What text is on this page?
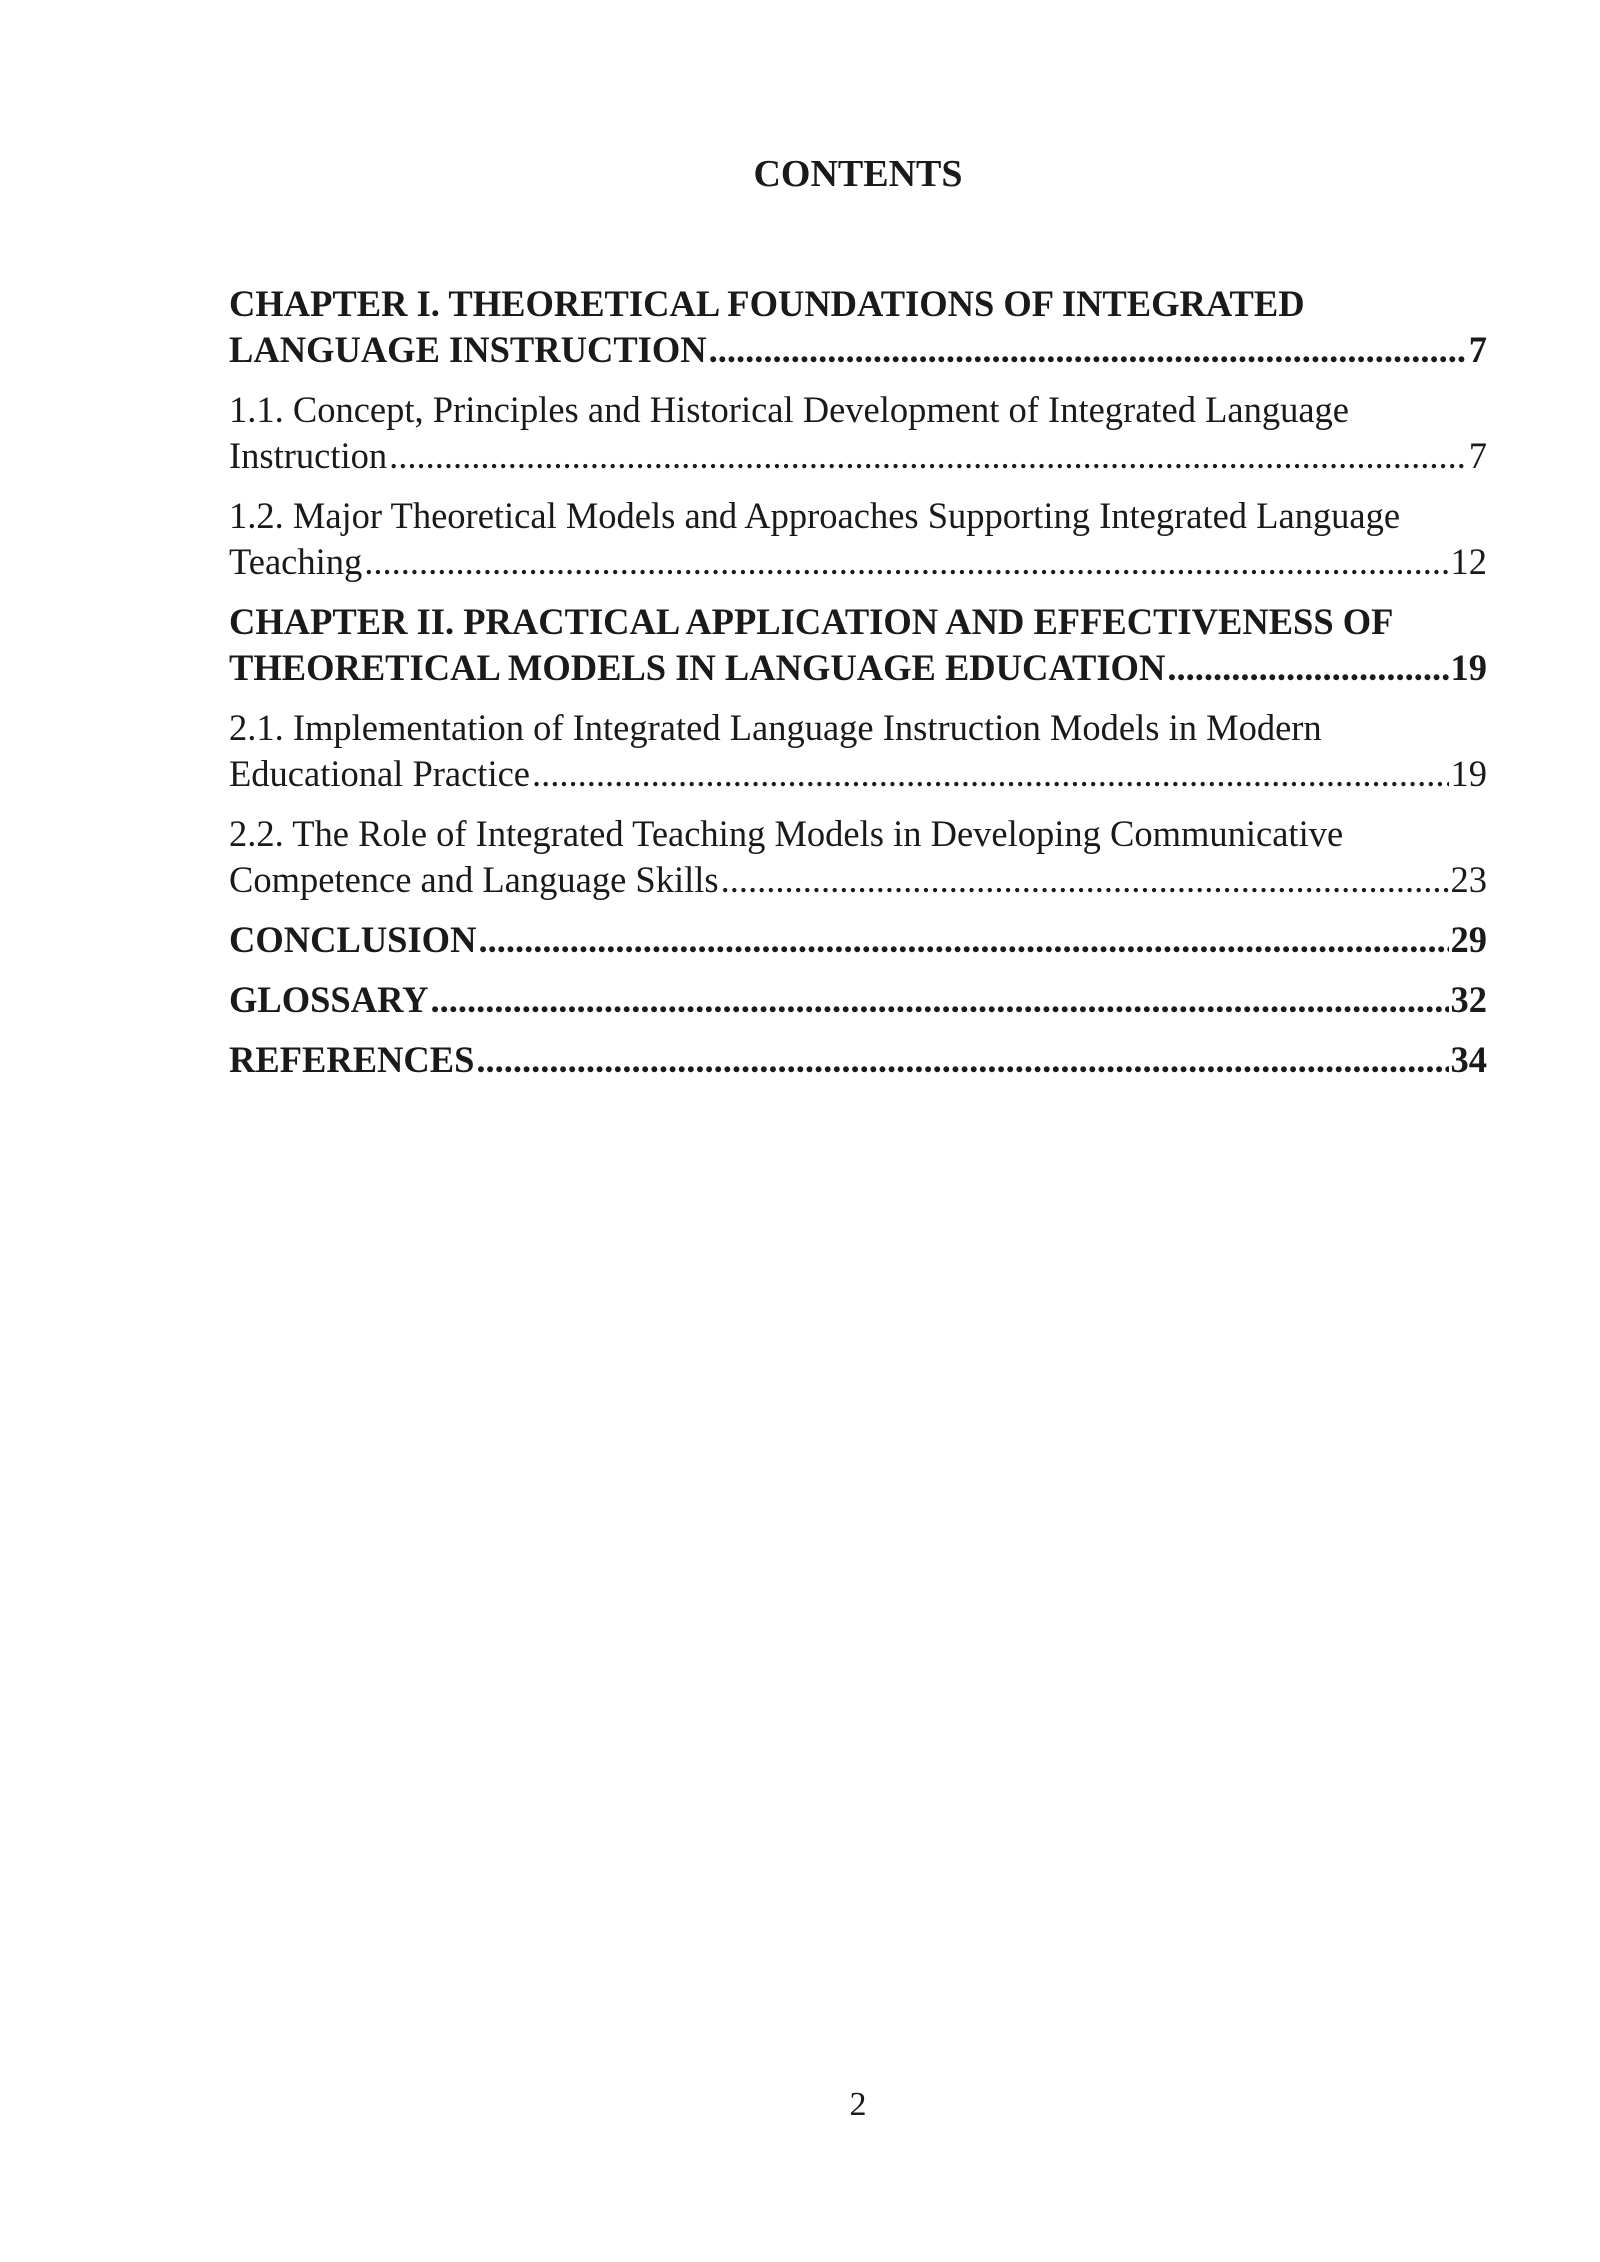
CONTENTS
CHAPTER I. THEORETICAL FOUNDATIONS OF INTEGRATED
LANGUAGE INSTRUCTION .....	7
1.1. Concept, Principles and Historical Development of Integrated Language
Instruction .....	7
1.2. Major Theoretical Models and Approaches Supporting Integrated Language
Teaching .....	12
CHAPTER II. PRACTICAL APPLICATION AND EFFECTIVENESS OF
THEORETICAL MODELS IN LANGUAGE EDUCATION .....	19
2.1. Implementation of Integrated Language Instruction Models in Modern
Educational Practice .....	19
2.2. The Role of Integrated Teaching Models in Developing Communicative
Competence and Language Skills .....	23
CONCLUSION .....	29
GLOSSARY .....	32
REFERENCES .....	34
2
